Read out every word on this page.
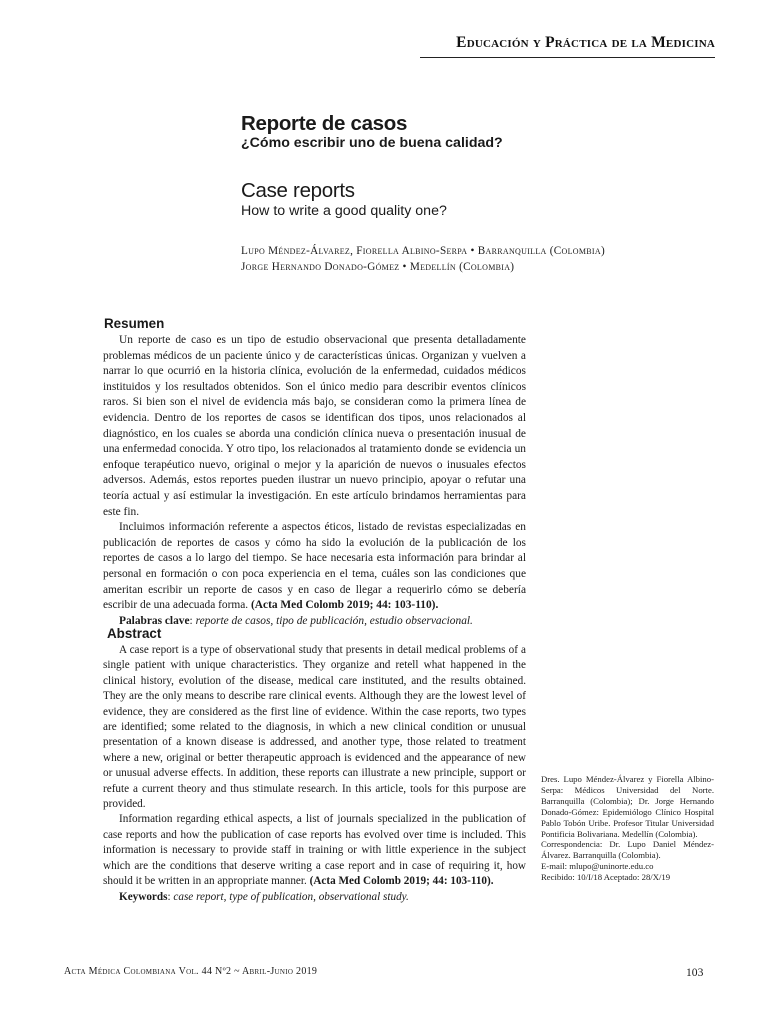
Educación y Práctica de la Medicina
Reporte de casos
¿Cómo escribir uno de buena calidad?
Case reports
How to write a good quality one?
Lupo Méndez-Álvarez, Fiorella Albino-Serpa • Barranquilla (Colombia)
Jorge Hernando Donado-Gómez • Medellín (Colombia)
Resumen

Un reporte de caso es un tipo de estudio observacional que presenta detalladamente problemas médicos de un paciente único y de características únicas. Organizan y vuelven a narrar lo que ocurrió en la historia clínica, evolución de la enfermedad, cuidados médicos instituidos y los resultados obtenidos. Son el único medio para describir eventos clínicos raros. Si bien son el nivel de evidencia más bajo, se consideran como la primera línea de evidencia. Dentro de los reportes de casos se identifican dos tipos, unos relacionados al diagnóstico, en los cuales se aborda una condición clínica nueva o presentación inusual de una enfermedad conocida. Y otro tipo, los relacionados al tratamiento donde se evidencia un enfoque terapéutico nuevo, original o mejor y la aparición de nuevos o inusuales efectos adversos. Además, estos reportes pueden ilustrar un nuevo principio, apoyar o refutar una teoría actual y así estimular la investigación. En este artículo brindamos herramientas para este fin.

Incluimos información referente a aspectos éticos, listado de revistas especializadas en publicación de reportes de casos y cómo ha sido la evolución de la publicación de los reportes de casos a lo largo del tiempo. Se hace necesaria esta información para brindar al personal en formación o con poca experiencia en el tema, cuáles son las condiciones que ameritan escribir un reporte de casos y en caso de llegar a requerirlo cómo se debería escribir de una adecuada forma. (Acta Med Colomb 2019; 44: 103-110).

Palabras clave: reporte de casos, tipo de publicación, estudio observacional.

Abstract

A case report is a type of observational study that presents in detail medical problems of a single patient with unique characteristics. They organize and retell what happened in the clinical history, evolution of the disease, medical care instituted, and the results obtained. They are the only means to describe rare clinical events. Although they are the lowest level of evidence, they are considered as the first line of evidence. Within the case reports, two types are identified; some related to the diagnosis, in which a new clinical condition or unusual presentation of a known disease is addressed, and another type, those related to treatment where a new, original or better therapeutic approach is evidenced and the appearance of new or unusual adverse effects. In addition, these reports can illustrate a new principle, support or refute a current theory and thus stimulate research. In this article, tools for this purpose are provided.

Information regarding ethical aspects, a list of journals specialized in the publication of case reports and how the publication of case reports has evolved over time is included. This information is necessary to provide staff in training or with little experience in the subject which are the conditions that deserve writing a case report and in case of requiring it, how should it be written in an appropriate manner. (Acta Med Colomb 2019; 44: 103-110).

Keywords: case report, type of publication, observational study.

Dres. Lupo Méndez-Álvarez y Fiorella Albino-Serpa: Médicos Universidad del Norte. Barranquilla (Colombia); Dr. Jorge Hernando Donado-Gómez: Epidemiólogo Clínico Hospital Pablo Tobón Uribe. Profesor Titular Universidad Pontificia Bolivariana. Medellín (Colombia).

Correspondencia: Dr. Lupo Daniel Méndez-Álvarez. Barranquilla (Colombia).

E-mail: mlupo@uninorte.edu.co

Recibido: 10/I/18 Aceptado: 28/X/19

Acta Médica Colombiana Vol. 44 Nº2 ~ Abril-Junio 2019	103
